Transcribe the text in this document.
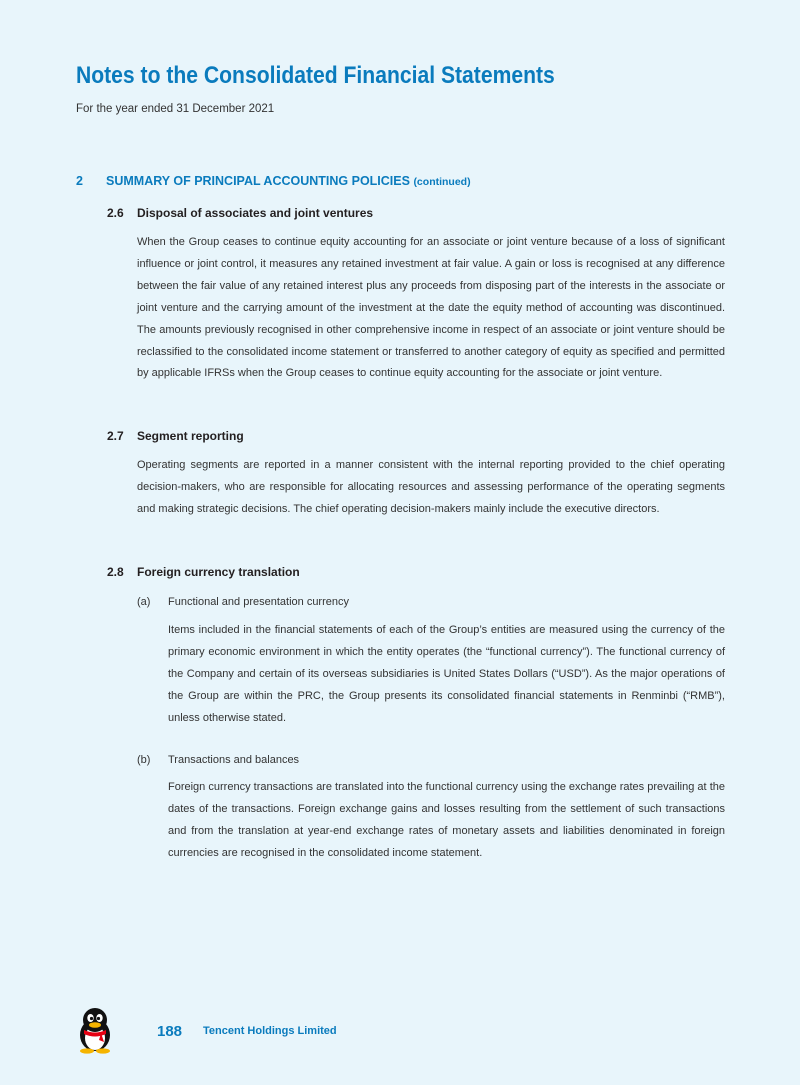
Notes to the Consolidated Financial Statements
For the year ended 31 December 2021
2 SUMMARY OF PRINCIPAL ACCOUNTING POLICIES (continued)
2.6 Disposal of associates and joint ventures

When the Group ceases to continue equity accounting for an associate or joint venture because of a loss of significant influence or joint control, it measures any retained investment at fair value. A gain or loss is recognised at any difference between the fair value of any retained interest plus any proceeds from disposing part of the interests in the associate or joint venture and the carrying amount of the investment at the date the equity method of accounting was discontinued. The amounts previously recognised in other comprehensive income in respect of an associate or joint venture should be reclassified to the consolidated income statement or transferred to another category of equity as specified and permitted by applicable IFRSs when the Group ceases to continue equity accounting for the associate or joint venture.

2.7 Segment reporting

Operating segments are reported in a manner consistent with the internal reporting provided to the chief operating decision-makers, who are responsible for allocating resources and assessing performance of the operating segments and making strategic decisions. The chief operating decision-makers mainly include the executive directors.

2.8 Foreign currency translation
(a) Functional and presentation currency

Items included in the financial statements of each of the Group’s entities are measured using the currency of the primary economic environment in which the entity operates (the “functional currency”). The functional currency of the Company and certain of its overseas subsidiaries is United States Dollars (“USD”). As the major operations of the Group are within the PRC, the Group presents its consolidated financial statements in Renminbi (“RMB”), unless otherwise stated.

(b) Transactions and balances

Foreign currency transactions are translated into the functional currency using the exchange rates prevailing at the dates of the transactions. Foreign exchange gains and losses resulting from the settlement of such transactions and from the translation at year-end exchange rates of monetary assets and liabilities denominated in foreign currencies are recognised in the consolidated income statement.

188 Tencent Holdings Limited
